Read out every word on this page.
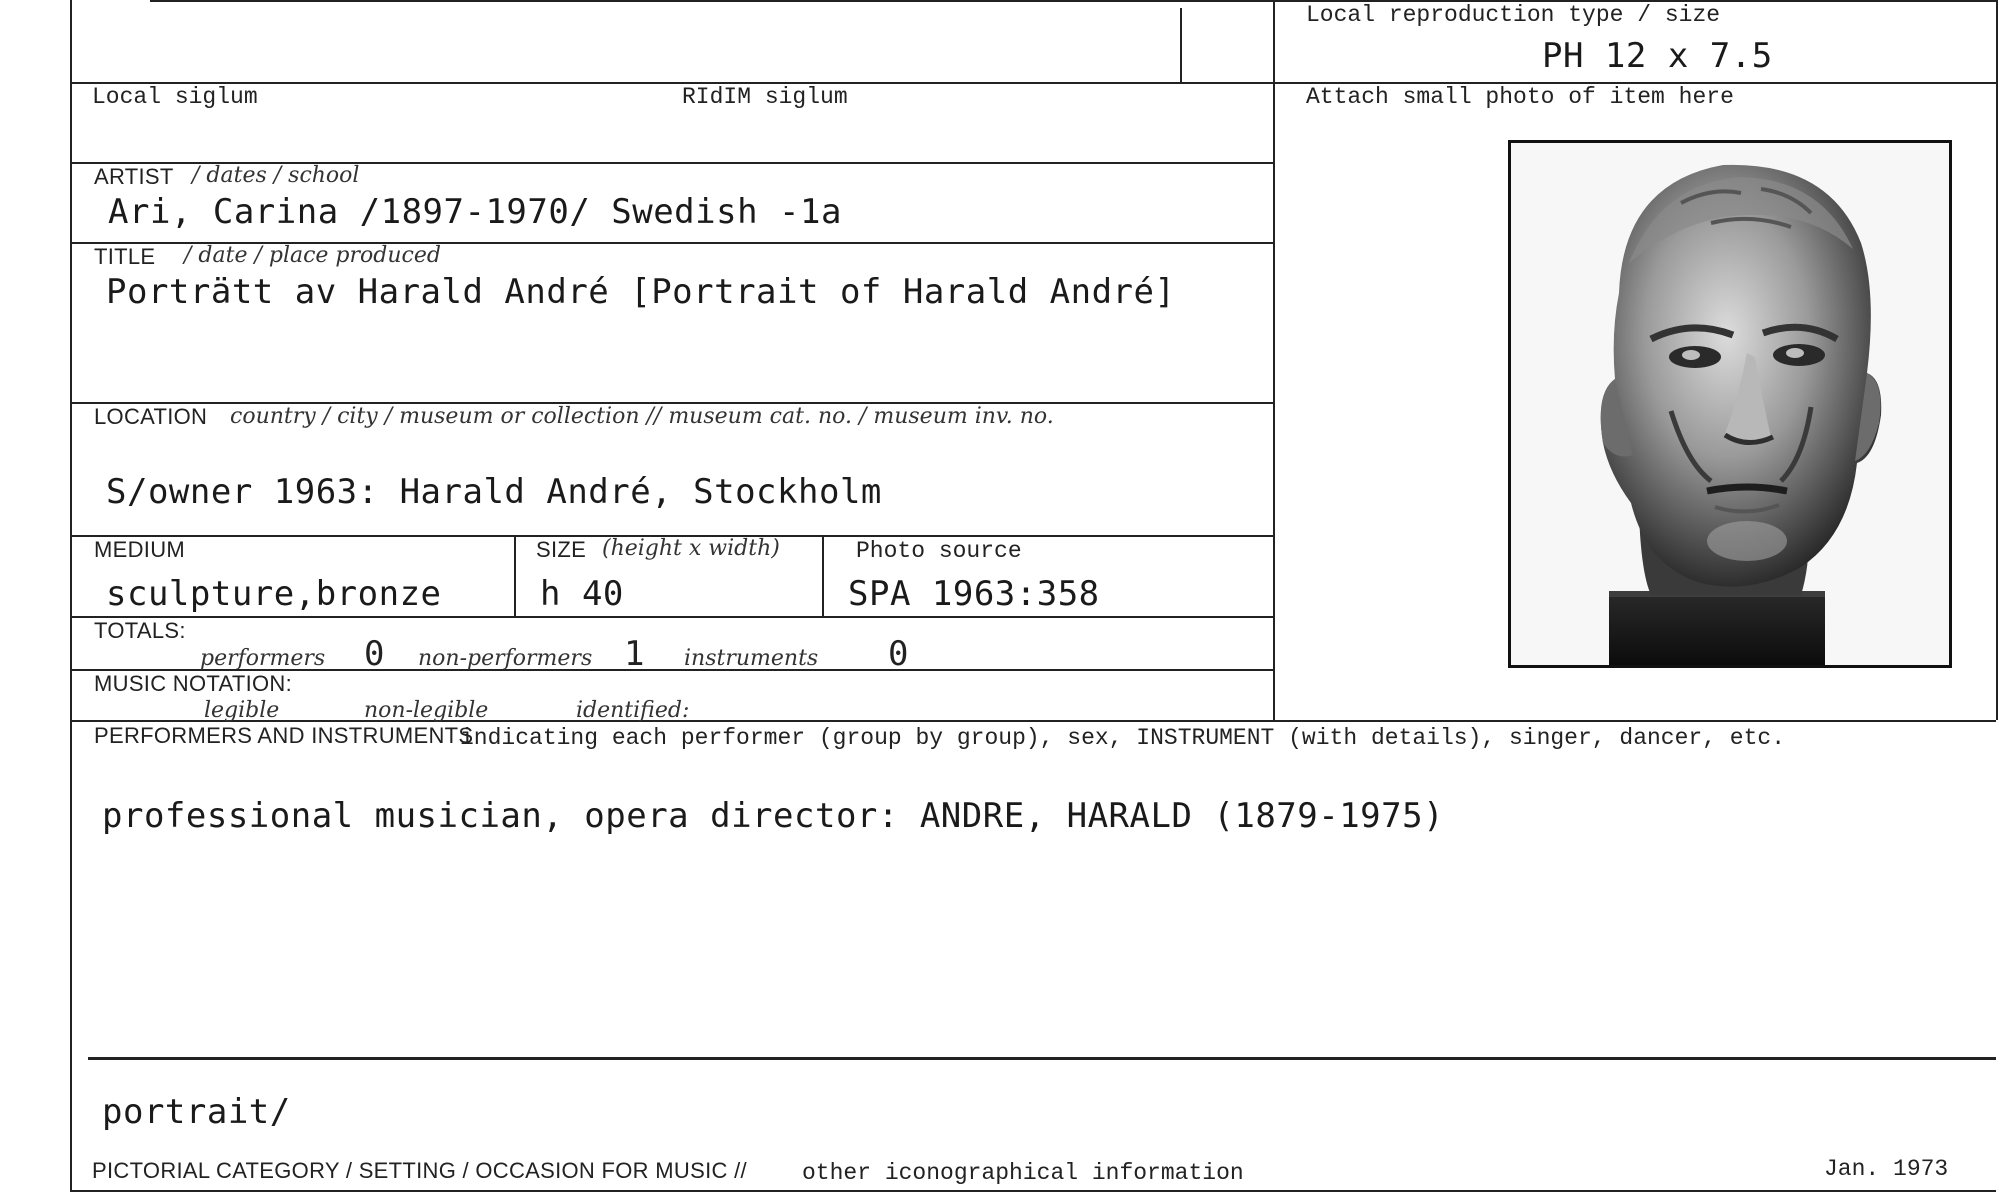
Local reproduction type / size
PH 12 x 7.5
Local siglum	RIdIM siglum	Attach small photo of item here
ARTIST / dates / school
Ari, Carina /1897-1970/ Swedish -1a
TITLE / date / place produced
Porträtt av Harald André [Portrait of Harald André]
LOCATION country / city / museum or collection // museum cat. no. / museum inv. no.
S/owner 1963: Harald André, Stockholm
MEDIUM
sculpture,bronze
SIZE (height x width)
h 40
Photo source
SPA 1963:358
TOTALS:
performers 0 non-performers 1 instruments 0
MUSIC NOTATION:
legible	non-legible	identified:
PERFORMERS AND INSTRUMENTS
indicating each performer (group by group), sex, INSTRUMENT (with details), singer, dancer, etc.
professional musician, opera director: ANDRE, HARALD (1879-1975)
portrait/
PICTORIAL CATEGORY / SETTING / OCCASION FOR MUSIC // other iconographical information	Jan. 1973
